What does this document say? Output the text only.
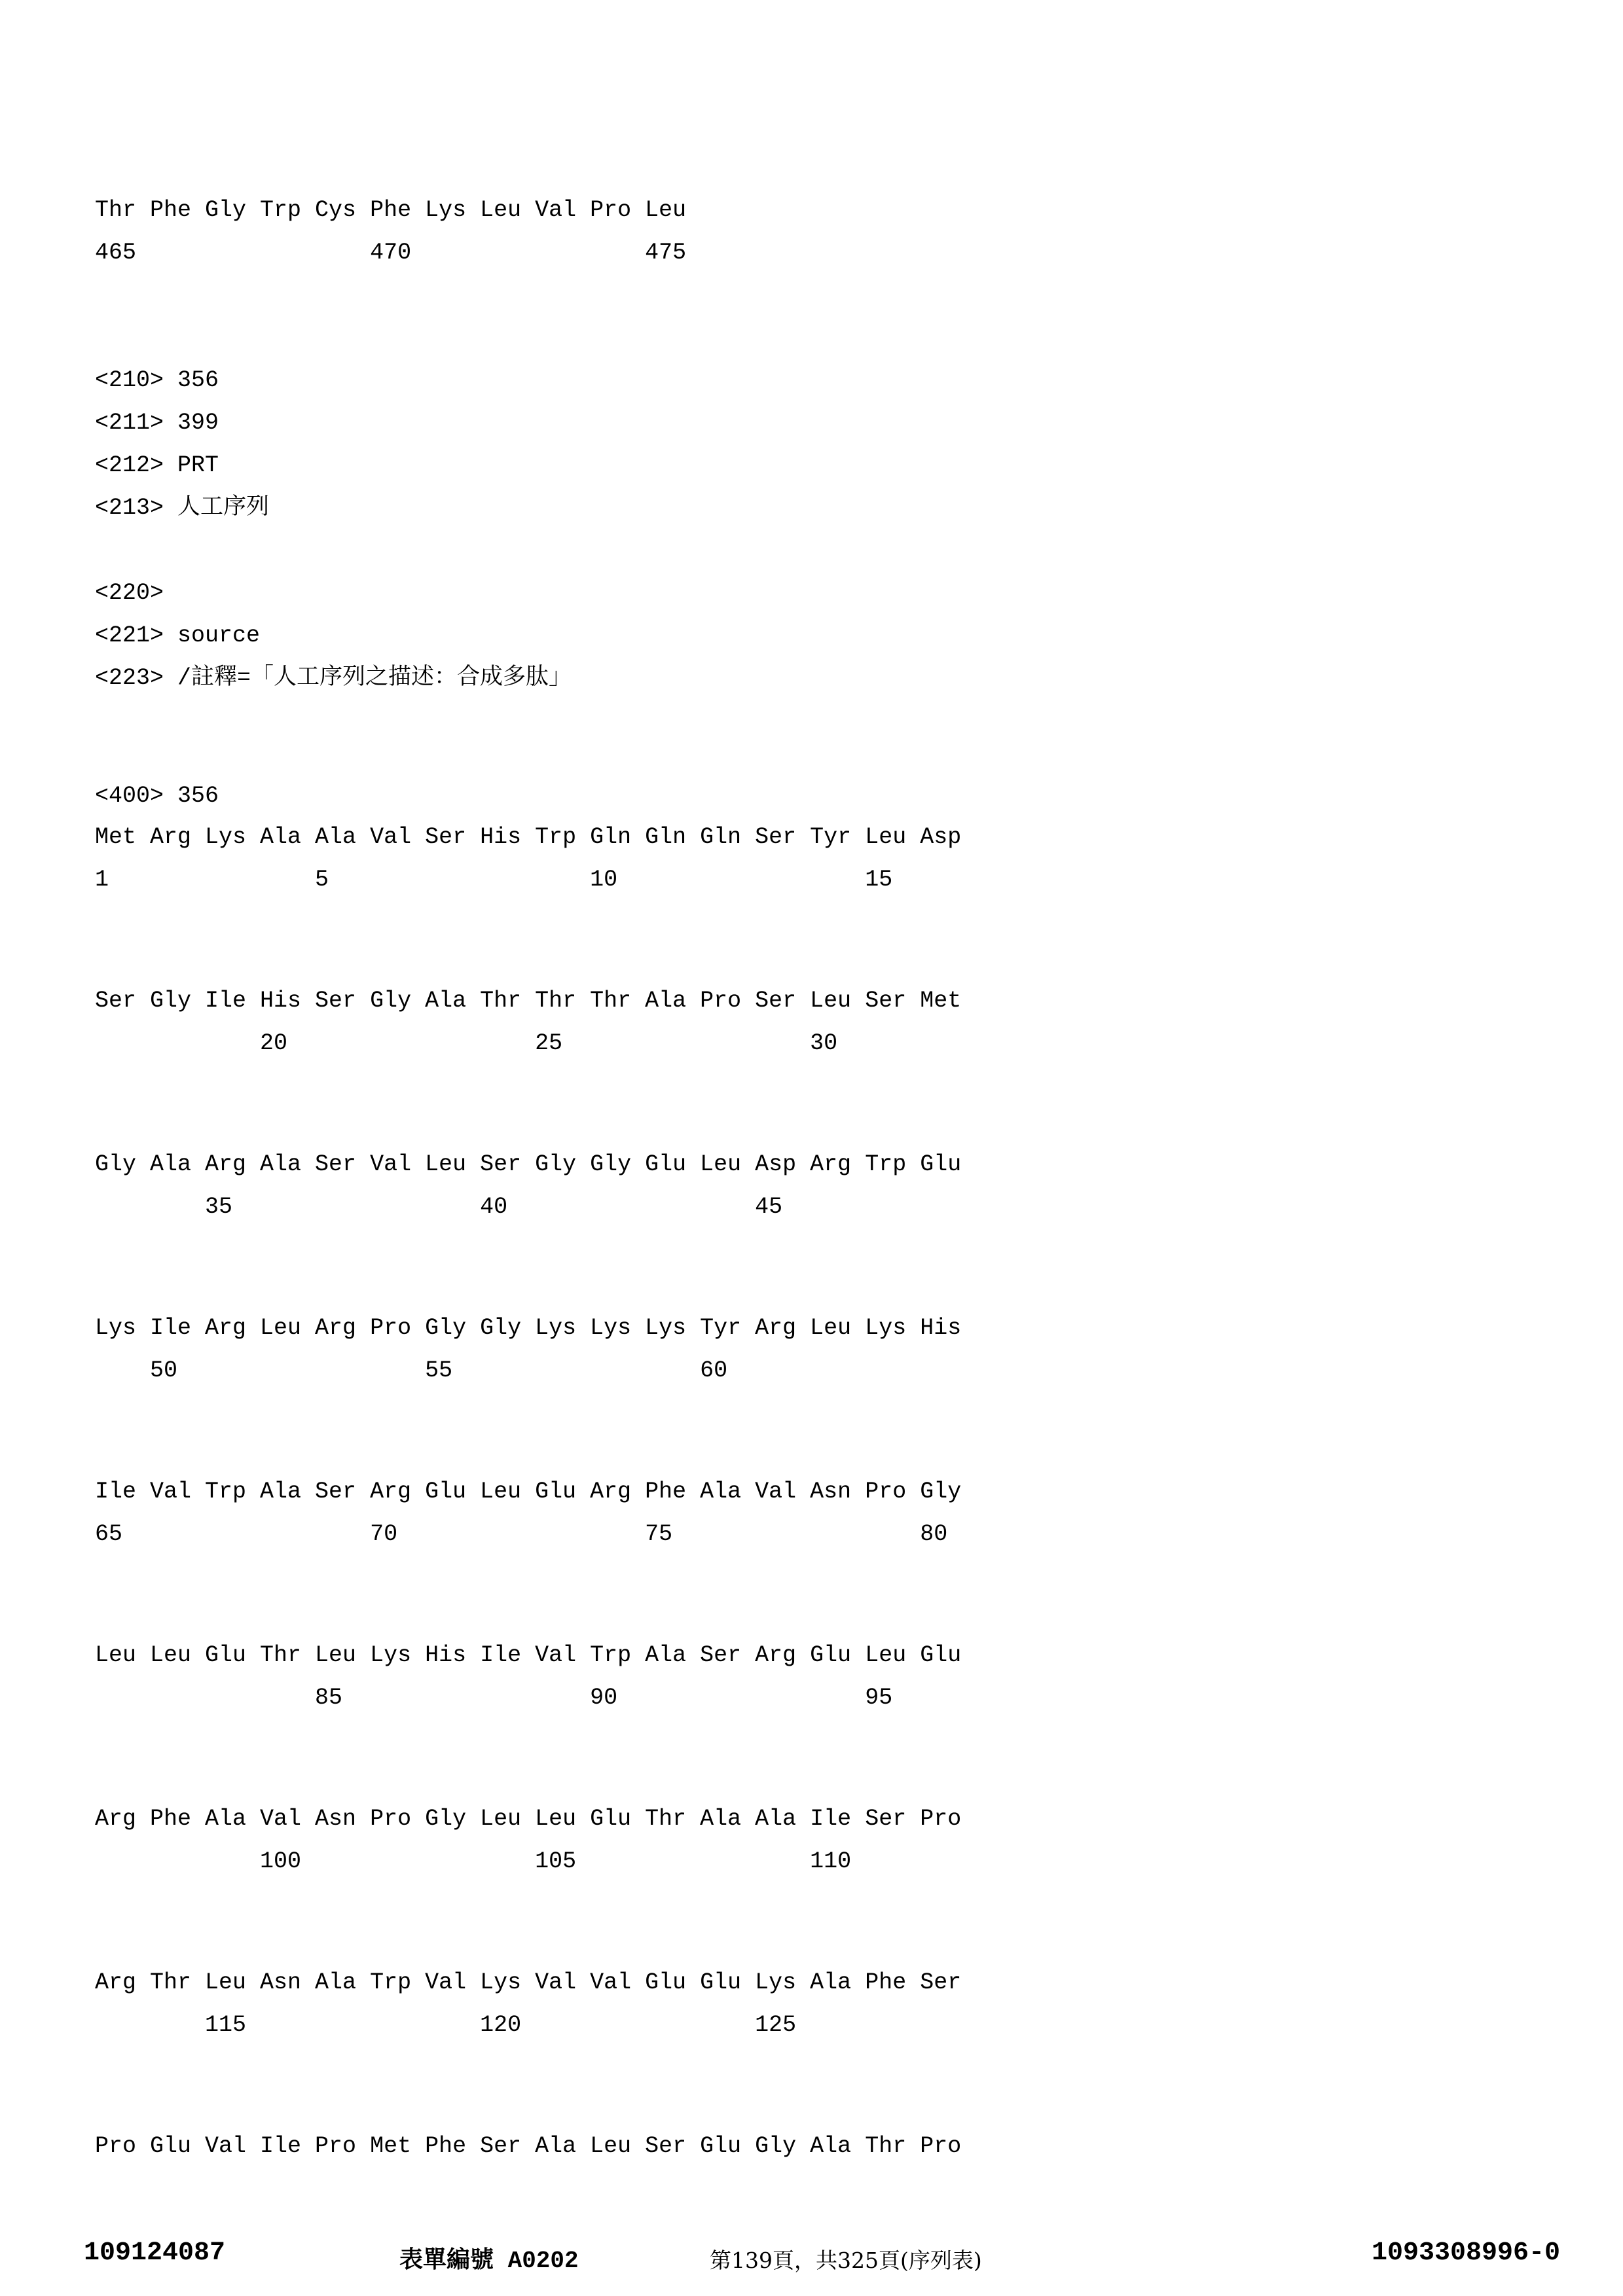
Thr Phe Gly Trp Cys Phe Lys Leu Val Pro Leu
465                 470                 475
<210> 356
<211> 399
<212> PRT
<213> 人工序列
<220>
<221> source
<223> /註釋=「人工序列之描述：合成多肽」
<400> 356
Met Arg Lys Ala Ala Val Ser His Trp Gln Gln Gln Ser Tyr Leu Asp
1               5                   10                  15
Ser Gly Ile His Ser Gly Ala Thr Thr Thr Ala Pro Ser Leu Ser Met
20                  25                  30
Gly Ala Arg Ala Ser Val Leu Ser Gly Gly Glu Leu Asp Arg Trp Glu
35                  40                  45
Lys Ile Arg Leu Arg Pro Gly Gly Lys Lys Lys Tyr Arg Leu Lys His
50                  55                  60
Ile Val Trp Ala Ser Arg Glu Leu Glu Arg Phe Ala Val Asn Pro Gly
65                  70                  75                  80
Leu Leu Glu Thr Leu Lys His Ile Val Trp Ala Ser Arg Glu Leu Glu
85                  90                  95
Arg Phe Ala Val Asn Pro Gly Leu Leu Glu Thr Ala Ala Ile Ser Pro
100                 105                 110
Arg Thr Leu Asn Ala Trp Val Lys Val Val Glu Glu Lys Ala Phe Ser
115                 120                 125
Pro Glu Val Ile Pro Met Phe Ser Ala Leu Ser Glu Gly Ala Thr Pro
109124087	表單編號 A0202	第139頁，共325頁(序列表)	1093308996-0
